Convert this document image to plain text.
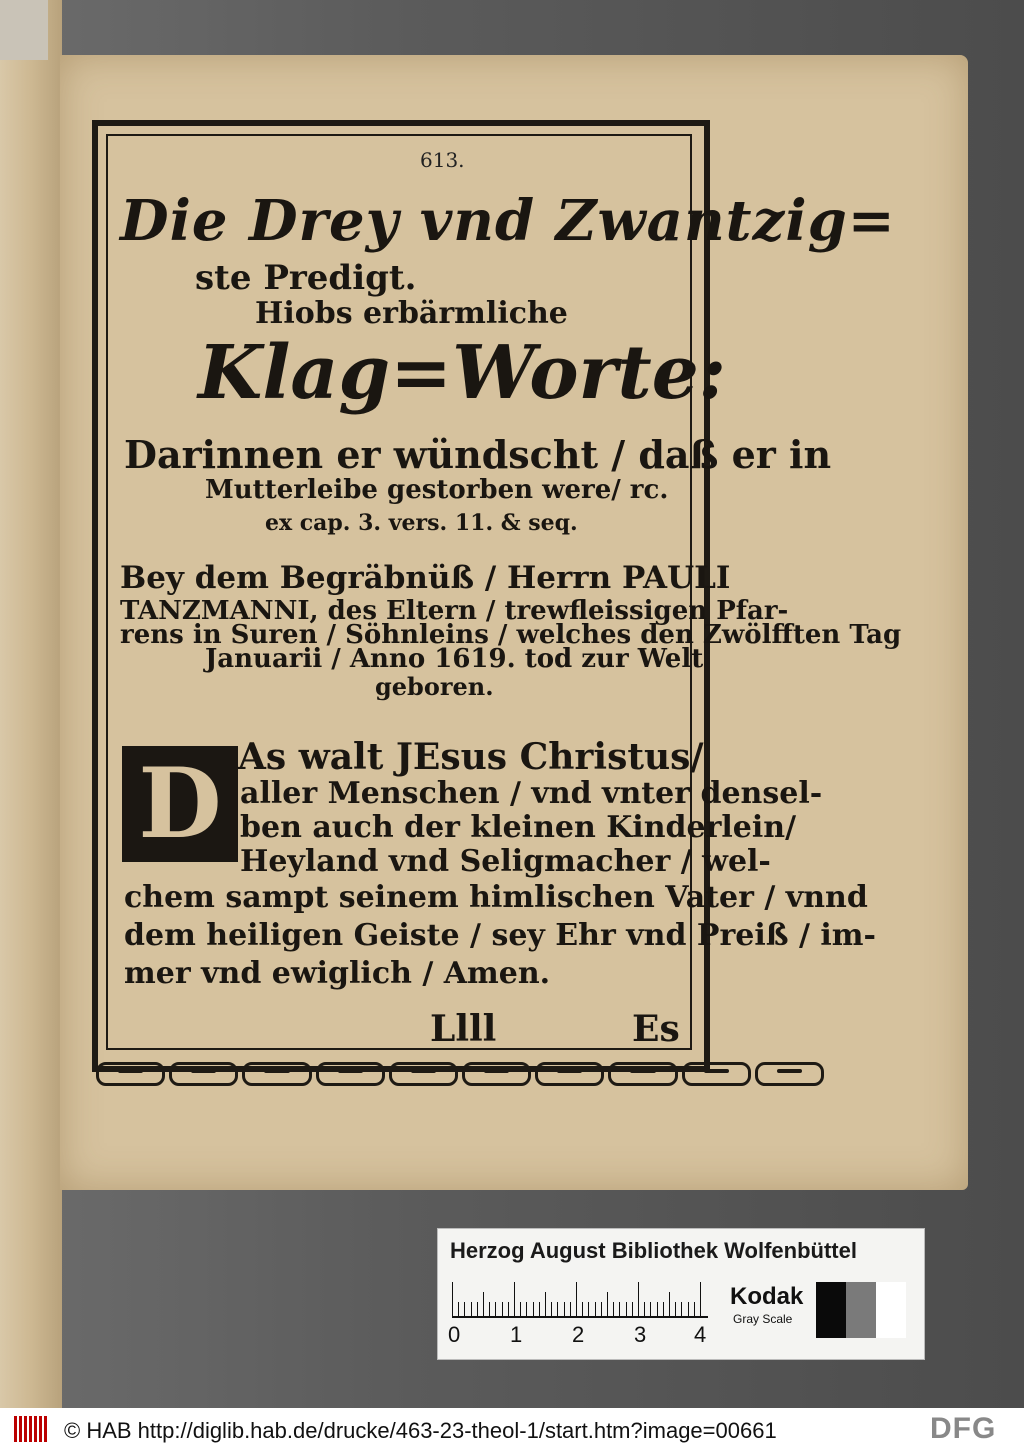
613.
Die Drey vnd Zwantzig=
ste Predigt.
Hiobs erbärmliche
Klag=Worte:
Darinnen er wündscht / daß er in
Mutterleibe gestorben were/ rc.
ex cap. 3. vers. 11. & seq.
Bey dem Begräbnüß / Herrn PAULI
TANZMANNI, des Eltern / trewfleissigen Pfar-
rens in Suren / Söhnleins / welches den Zwölfften Tag
Januarii / Anno 1619. tod zur Welt
geboren.
D As walt JEsus Christus/
aller Menschen / vnd vnter densel-
ben auch der kleinen Kinderlein/
Heyland vnd Seligmacher / wel-
chem sampt seinem himlischen Vater / vnnd
dem heiligen Geiste / sey Ehr vnd Preiß / im-
mer vnd ewiglich / Amen.
Llll	Es
Herzog August Bibliothek Wolfenbüttel
0 1 2 3 4
Kodak
Gray Scale
© HAB http://diglib.hab.de/drucke/463-23-theol-1/start.htm?image=00661	DFG
